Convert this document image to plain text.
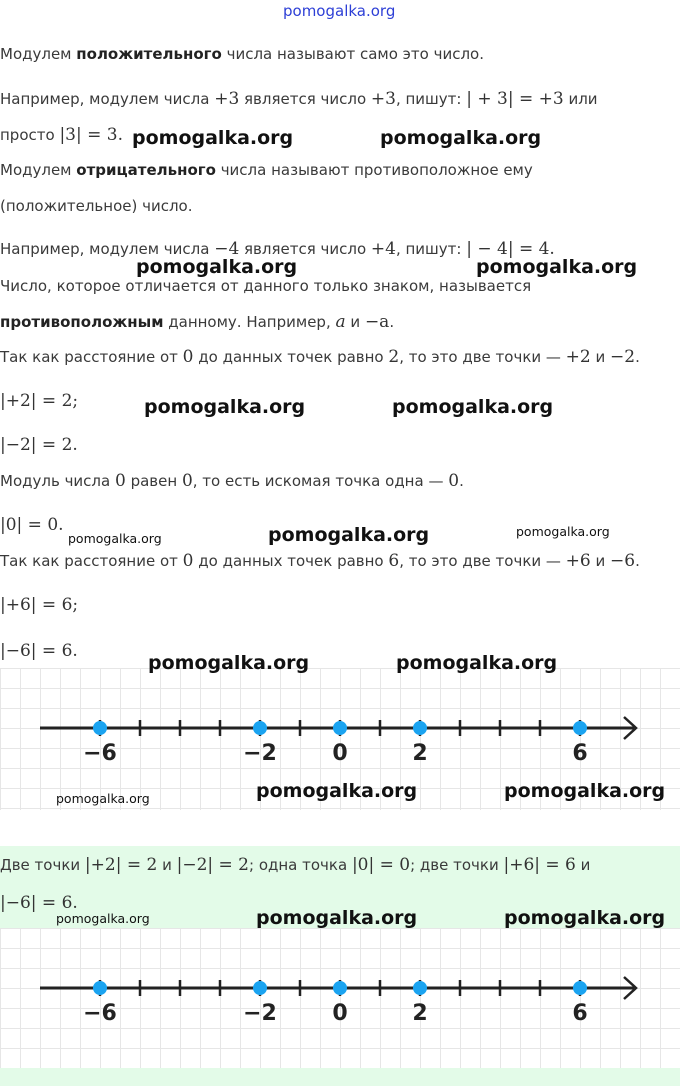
pomogalka.org
Модулем положительного числа называют само это число.
Например, модулем числа +3 является число +3, пишут: | + 3| = +3 или
просто |3| = 3.
Модулем отрицательного числа называют противоположное ему
(положительное) число.
Например, модулем числа −4 является число +4, пишут: | − 4| = 4.
Число, которое отличается от данного только знаком, называется
противоположным данному. Например, a и −a.
Так как расстояние от 0 до данных точек равно 2, то это две точки — +2 и −2.
|+2| = 2;
|−2| = 2.
Модуль числа 0 равен 0, то есть искомая точка одна — 0.
|0| = 0.
Так как расстояние от 0 до данных точек равно 6, то это две точки — +6 и −6.
|+6| = 6;
|−6| = 6.
−6	−2	0	2	6
Две точки |+2| = 2 и |−2| = 2; одна точка |0| = 0; две точки |+6| = 6 и
|−6| = 6.
−6	−2	0	2	6
pomogalka.org	pomogalka.org
pomogalka.org	pomogalka.org
pomogalka.org	pomogalka.org
pomogalka.org	pomogalka.org	pomogalka.org
pomogalka.org	pomogalka.org
pomogalka.org	pomogalka.org	pomogalka.org
pomogalka.org	pomogalka.org	pomogalka.org
